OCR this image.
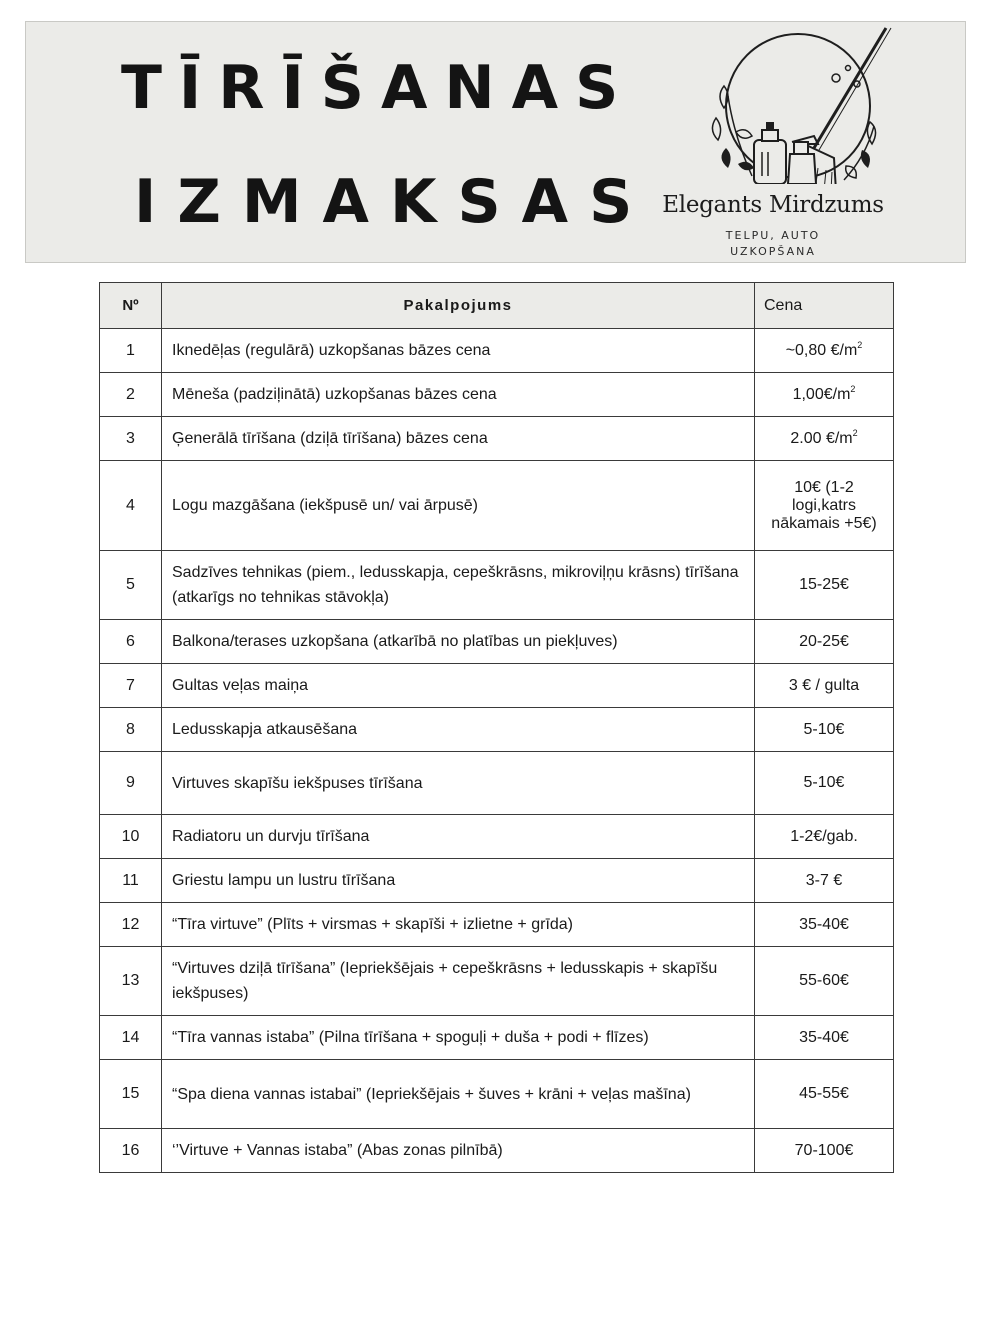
TĪRĪŠANAS
IZMAKSAS Elegants Mirdzums
TELPU, AUTO
UZKOPŠANA
Nº	Pakalpojums	Cena
1	Iknedēļas (regulārā) uzkopšanas bāzes cena	~0,80 $€/m^2$
2	Mēneša (padziļinātā) uzkopšanas bāzes cena	$1,00€/m^2$
3	Ģenerālā tīrīšana (dziļā tīrīšana) bāzes cena	2.00 $€/m^2$
4	Logu mazgāšana (iekšpusē un/ vai ārpusē)	10€ (1-2 logi,katrs nākamais +5€)
5	Sadzīves tehnikas (piem., ledusskapja, cepeškrāsns, mikroviļņu krāsns) tīrīšana (atkarīgs no tehnikas stāvokļa)	15-25€
6	Balkona/terases uzkopšana (atkarībā no platības un piekļuves)	20-25€
7	Gultas veļas maiņa	3 € / gulta
8	Ledusskapja atkausēšana	5-10€
9	Virtuves skapīšu iekšpuses tīrīšana	5-10€
10	Radiatoru un durvju tīrīšana	1-2€/gab.
11	Griestu lampu un lustru tīrīšana	3-7 €
12	“Tīra virtuve” (Plīts + virsmas + skapīši + izlietne + grīda)	35-40€
13	“Virtuves dziļā tīrīšana” (Iepriekšējais + cepeškrāsns + ledusskapis + skapīšu iekšpuses)	55-60€
14	“Tīra vannas istaba” (Pilna tīrīšana + spoguļi + duša + podi + flīzes)	35-40€
15	“Spa diena vannas istabai” (Iepriekšējais + šuves + krāni + veļas mašīna)	45-55€
16	‘’Virtuve + Vannas istaba” (Abas zonas pilnībā)	70-100€
